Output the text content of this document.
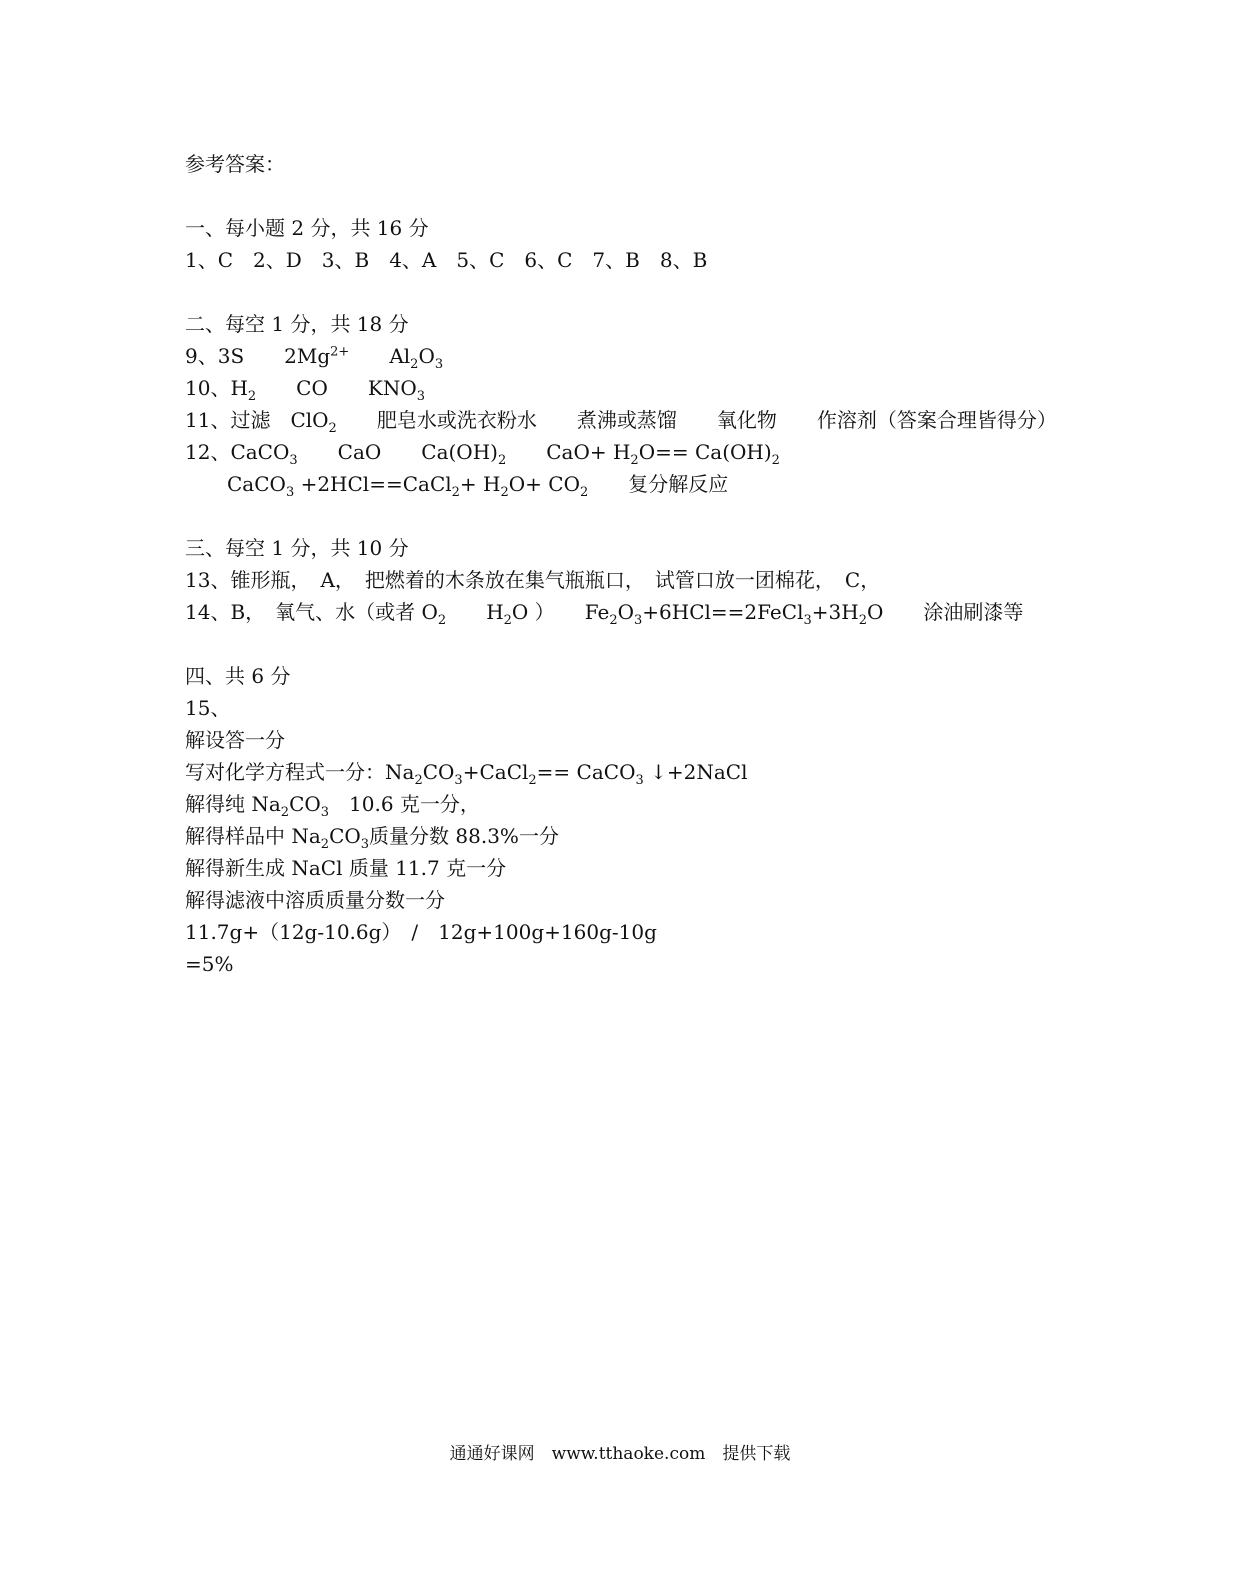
参考答案：
一、每小题 2 分，共 16 分
1、C　2、D　3、B　4、A　5、C　6、C　7、B　8、B
二、每空 1 分，共 18 分
9、3S　　$2Mg^{2+}$　　 $Al_2O_3$
10、$H_2$　　 CO　　 $KNO_3$
11、过滤　ClO$_2$　　 肥皂水或洗衣粉水　　煮沸或蒸馏　　氧化物　　作溶剂（答案合理皆得分）
12、CaCO$_3$　　 CaO　　 $Ca(OH)_2$　　 $CaO+ H_2O== Ca(OH)_2$
CaCO$_3$ +2HCl==CaCl$_2$+ $H_2O+ CO_2$　　 复分解反应
三、每空 1 分，共 10 分
13、锥形瓶，　A，　把燃着的木条放在集气瓶瓶口，　试管口放一团棉花，　C，
14、B，　氧气、水（或者 $O_2$　　 $H_2O$ ）　　 $Fe_2O_3+6HCl==2FeCl_3+3H_2O$　　 涂油刷漆等
四、共 6 分
15、
解设答一分
写对化学方程式一分：$Na_2CO_3+CaCl_2==$ CaCO$_3$ ↓+2NaCl
解得纯 $Na_2CO_3$　10.6 克一分，
解得样品中 $Na_2CO_3$质量分数 88.3%一分
解得新生成 NaCl 质量 11.7 克一分
解得滤液中溶质质量分数一分
11.7g+（12g-10.6g）　/　12g+100g+160g-10g
=5%
通通好课网　www.tthaoke.com　提供下载
